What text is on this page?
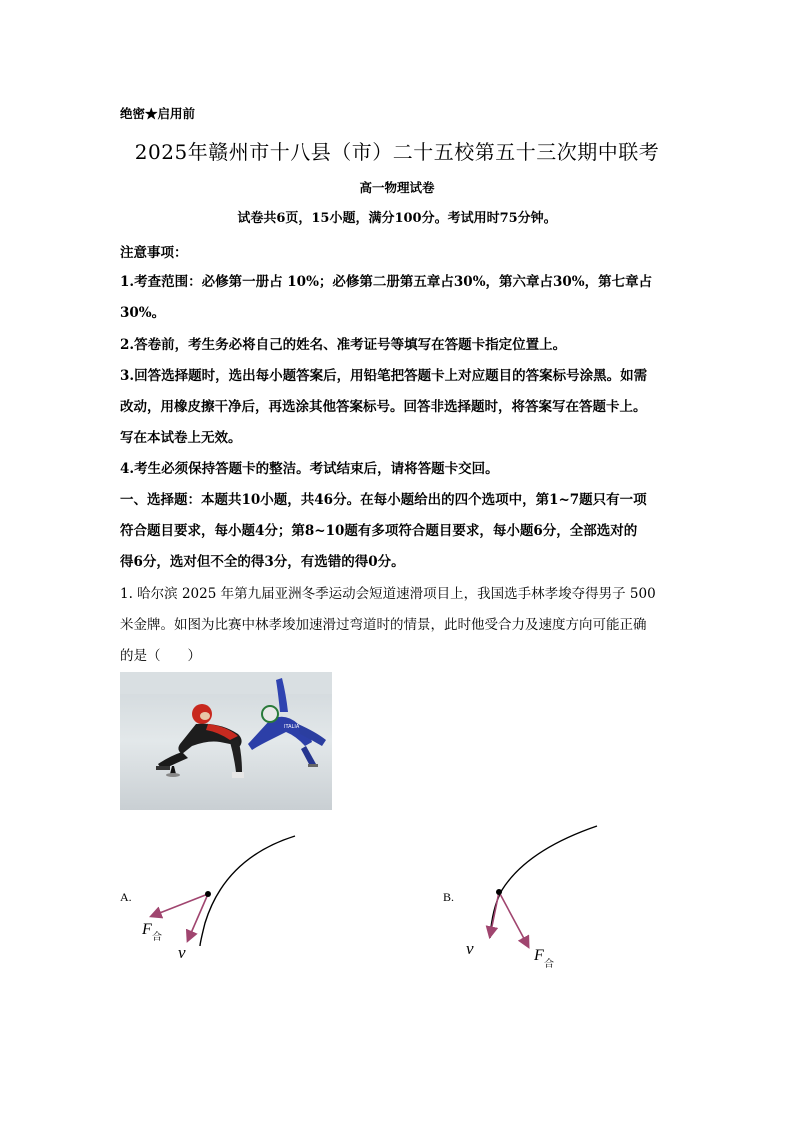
绝密★启用前
2025年赣州市十八县（市）二十五校第五十三次期中联考
高一物理试卷
试卷共6页，15小题，满分100分。考试用时75分钟。
注意事项：
1.考查范围：必修第一册占 10%；必修第二册第五章占30%，第六章占30%，第七章占
30%。
2.答卷前，考生务必将自己的姓名、准考证号等填写在答题卡指定位置上。
3.回答选择题时，选出每小题答案后，用铅笔把答题卡上对应题目的答案标号涂黑。如需
改动，用橡皮擦干净后，再选涂其他答案标号。回答非选择题时，将答案写在答题卡上。
写在本试卷上无效。
4.考生必须保持答题卡的整洁。考试结束后，请将答题卡交回。
一、选择题：本题共10小题，共46分。在每小题给出的四个选项中，第1~7题只有一项
符合题目要求，每小题4分；第8~10题有多项符合题目要求，每小题6分，全部选对的
得6分，选对但不全的得3分，有选错的得0分。
1. 哈尔滨 2025 年第九届亚洲冬季运动会短道速滑项目上，我国选手林孝埈夺得男子 500
米金牌。如图为比赛中林孝埈加速滑过弯道时的情景，此时他受合力及速度方向可能正确
的是（　　）
ITALIA
A.
F 合
v
B.
v	F
合
